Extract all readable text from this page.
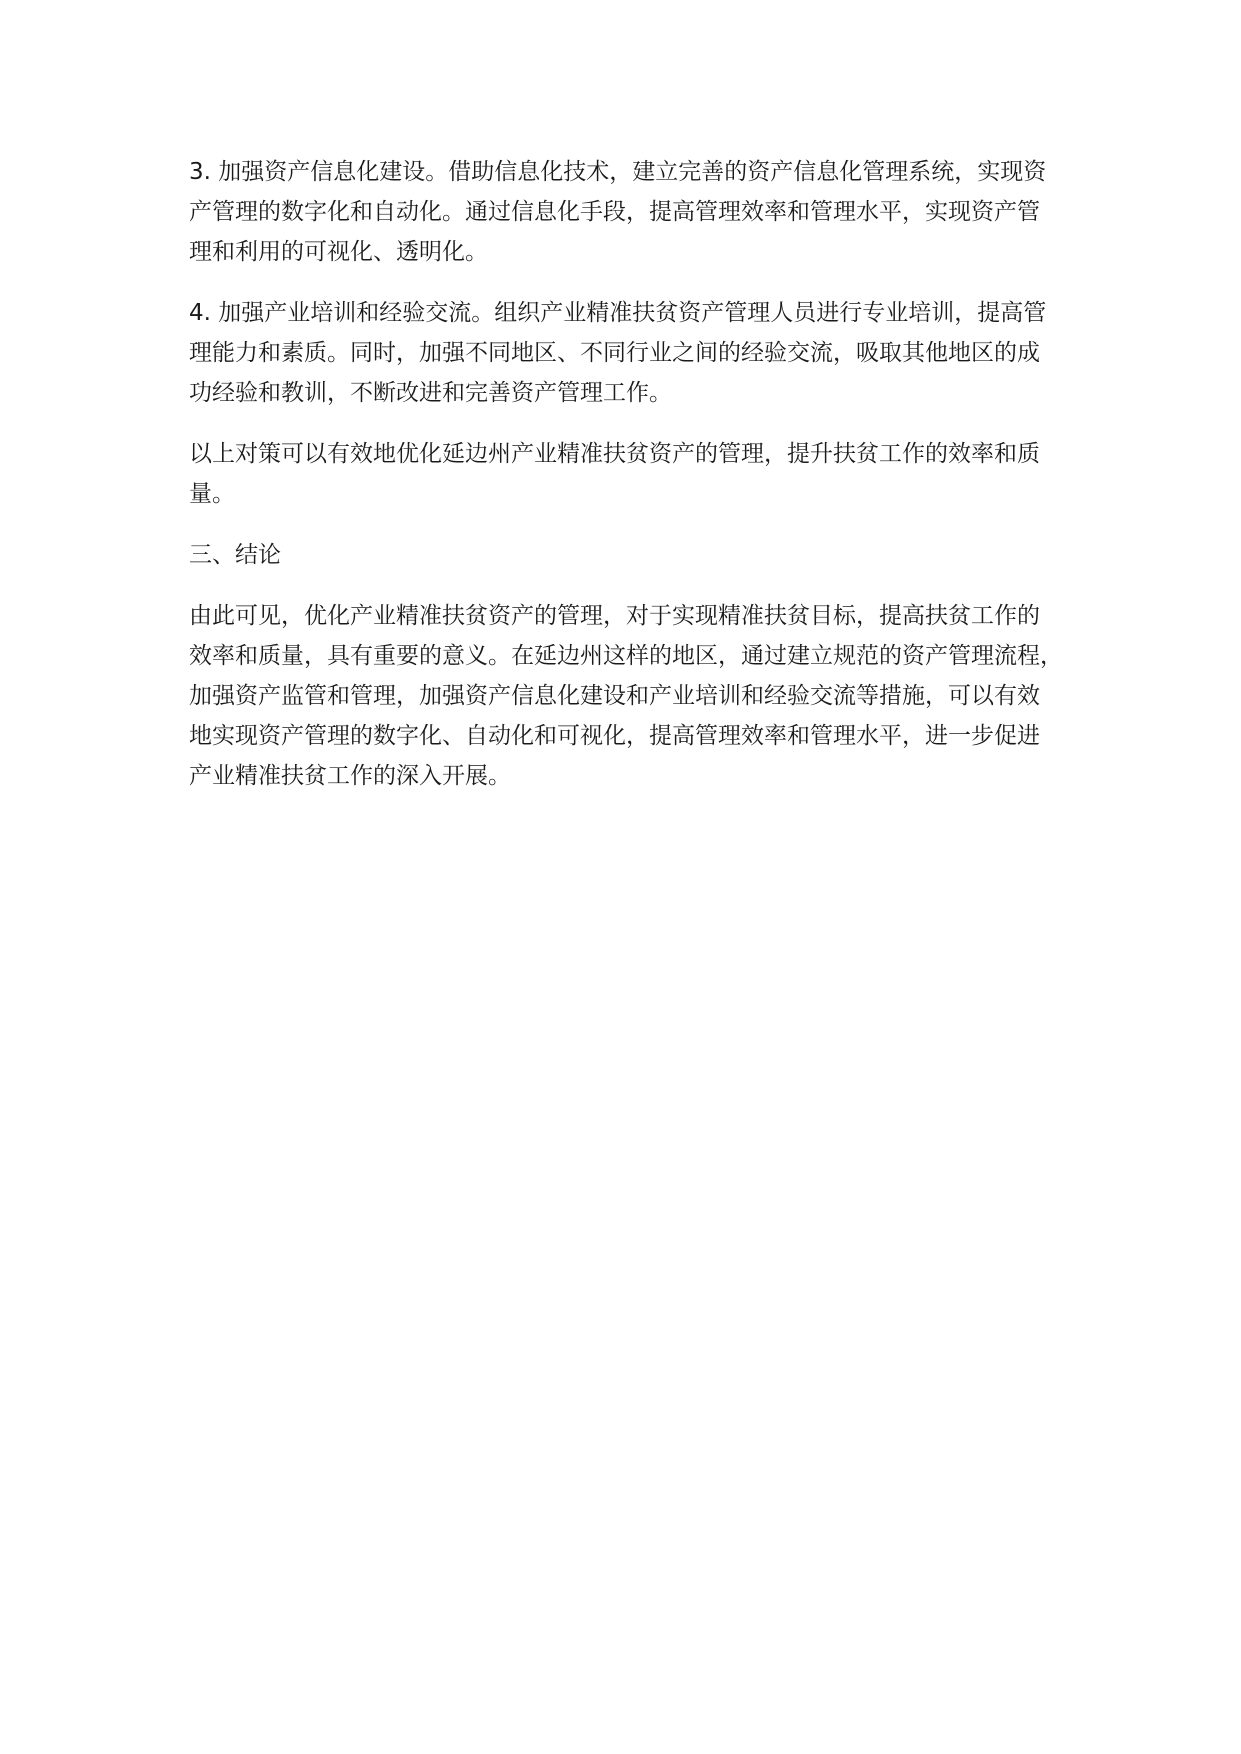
3. 加强资产信息化建设。借助信息化技术，建立完善的资产信息化管理系统，实现资
产管理的数字化和自动化。通过信息化手段，提高管理效率和管理水平，实现资产管
理和利用的可视化、透明化。

4. 加强产业培训和经验交流。组织产业精准扶贫资产管理人员进行专业培训，提高管
理能力和素质。同时，加强不同地区、不同行业之间的经验交流，吸取其他地区的成
功经验和教训，不断改进和完善资产管理工作。

以上对策可以有效地优化延边州产业精准扶贫资产的管理，提升扶贫工作的效率和质
量。

三、结论

由此可见，优化产业精准扶贫资产的管理，对于实现精准扶贫目标，提高扶贫工作的
效率和质量，具有重要的意义。在延边州这样的地区，通过建立规范的资产管理流程，
加强资产监管和管理，加强资产信息化建设和产业培训和经验交流等措施，可以有效
地实现资产管理的数字化、自动化和可视化，提高管理效率和管理水平，进一步促进
产业精准扶贫工作的深入开展。
